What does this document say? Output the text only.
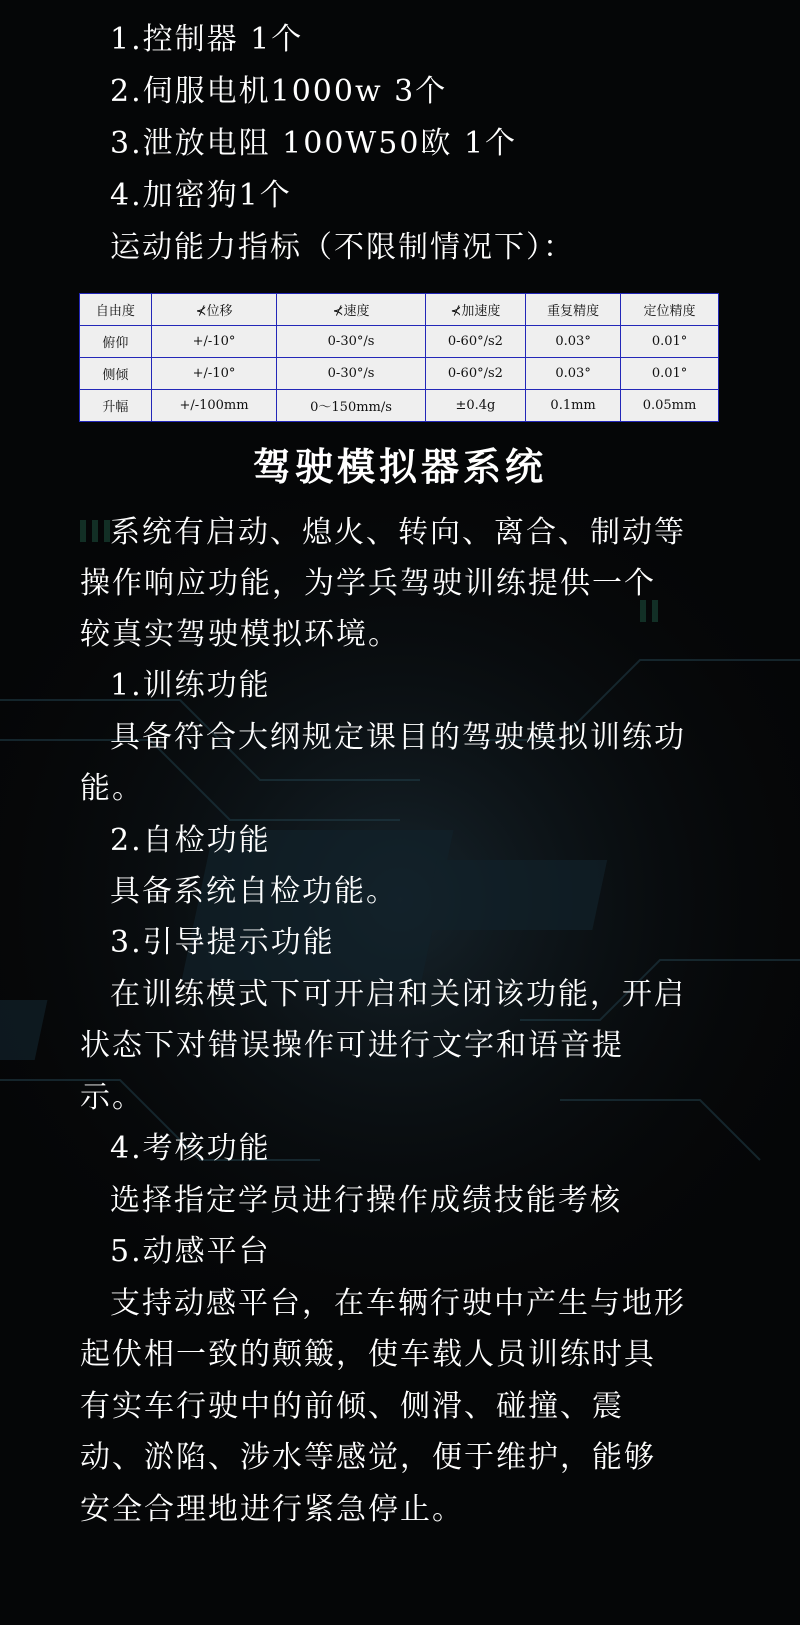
1.控制器 1个
2.伺服电机1000w 3个
3.泄放电阻 100W50欧 1个
4.加密狗1个
运动能力指标（不限制情况下）：
自由度	⊀位移	⊀速度	⊀加速度	重复精度	定位精度
俯仰	+/-10°	0-30°/s	0-60°/s2	0.03°	0.01°
侧倾	+/-10°	0-30°/s	0-60°/s2	0.03°	0.01°
升幅	+/-100mm	0～150mm/s	±0.4g	0.1mm	0.05mm
驾驶模拟器系统
系统有启动、熄火、转向、离合、制动等
操作响应功能，为学兵驾驶训练提供一个
较真实驾驶模拟环境。
1.训练功能
具备符合大纲规定课目的驾驶模拟训练功
能。
2.自检功能
具备系统自检功能。
3.引导提示功能
在训练模式下可开启和关闭该功能，开启
状态下对错误操作可进行文字和语音提
示。
4.考核功能
选择指定学员进行操作成绩技能考核
5.动感平台
支持动感平台，在车辆行驶中产生与地形
起伏相一致的颠簸，使车载人员训练时具
有实车行驶中的前倾、侧滑、碰撞、震
动、淤陷、涉水等感觉，便于维护，能够
安全合理地进行紧急停止。
